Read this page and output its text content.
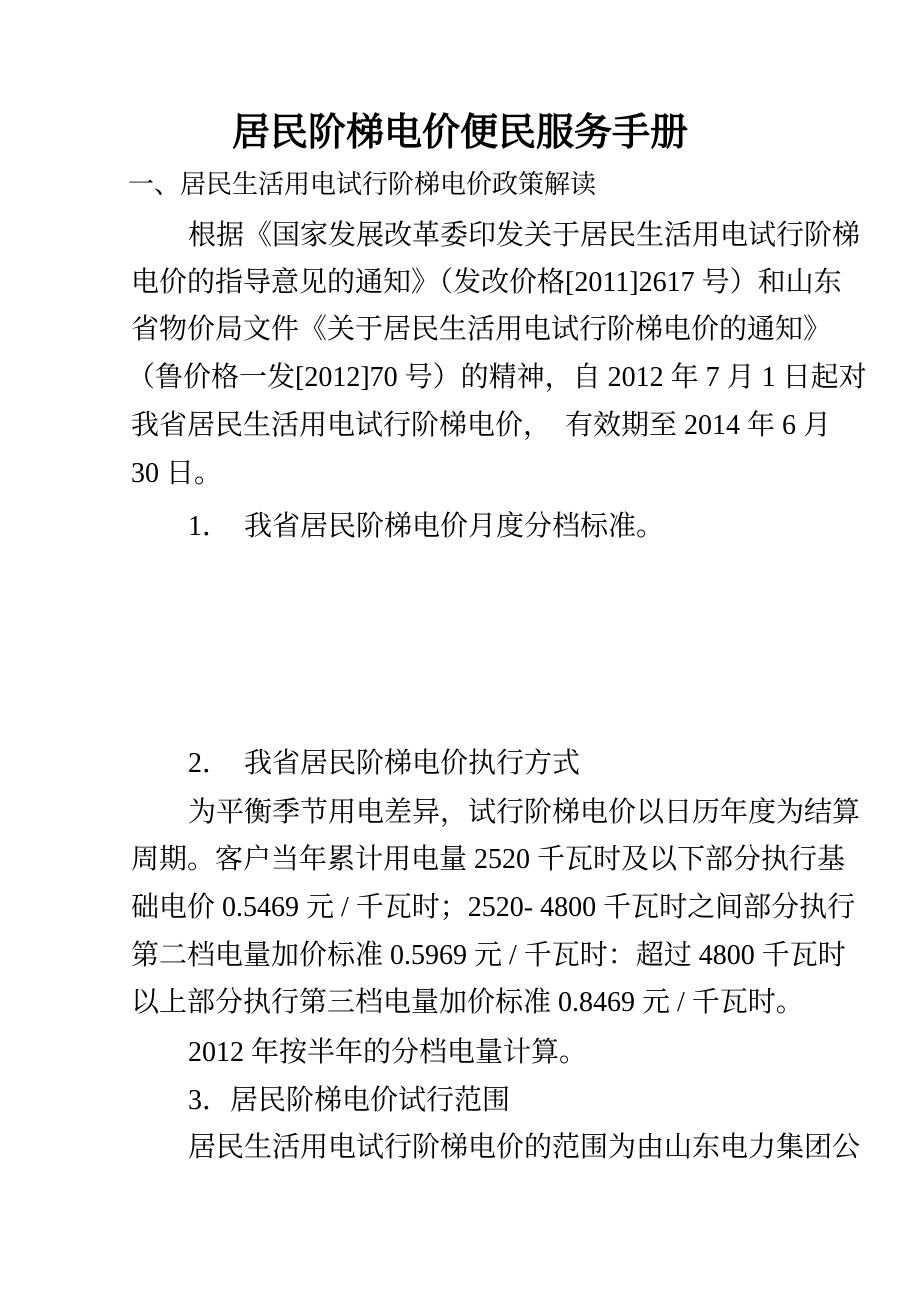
居民阶梯电价便民服务手册
一、居民生活用电试行阶梯电价政策解读
根据《国家发展改革委印发关于居民生活用电试行阶梯
电价的指导意见的通知》（发改价格[2011]2617 号）和山东
省物价局文件《关于居民生活用电试行阶梯电价的通知》
（鲁价格一发[2012]70 号）的精神，自 2012 年 7 月 1 日起对
我省居民生活用电试行阶梯电价，  有效期至 2014 年 6 月
30 日。
1．  我省居民阶梯电价月度分档标准。
2．  我省居民阶梯电价执行方式
为平衡季节用电差异，试行阶梯电价以日历年度为结算
周期。客户当年累计用电量 2520 千瓦时及以下部分执行基
础电价 0.5469 元 / 千瓦时；2520- 4800 千瓦时之间部分执行
第二档电量加价标准 0.5969 元 / 千瓦时：超过 4800 千瓦时
以上部分执行第三档电量加价标准 0.8469 元 / 千瓦时。
2012 年按半年的分档电量计算。
3．居民阶梯电价试行范围
居民生活用电试行阶梯电价的范围为由山东电力集团公
